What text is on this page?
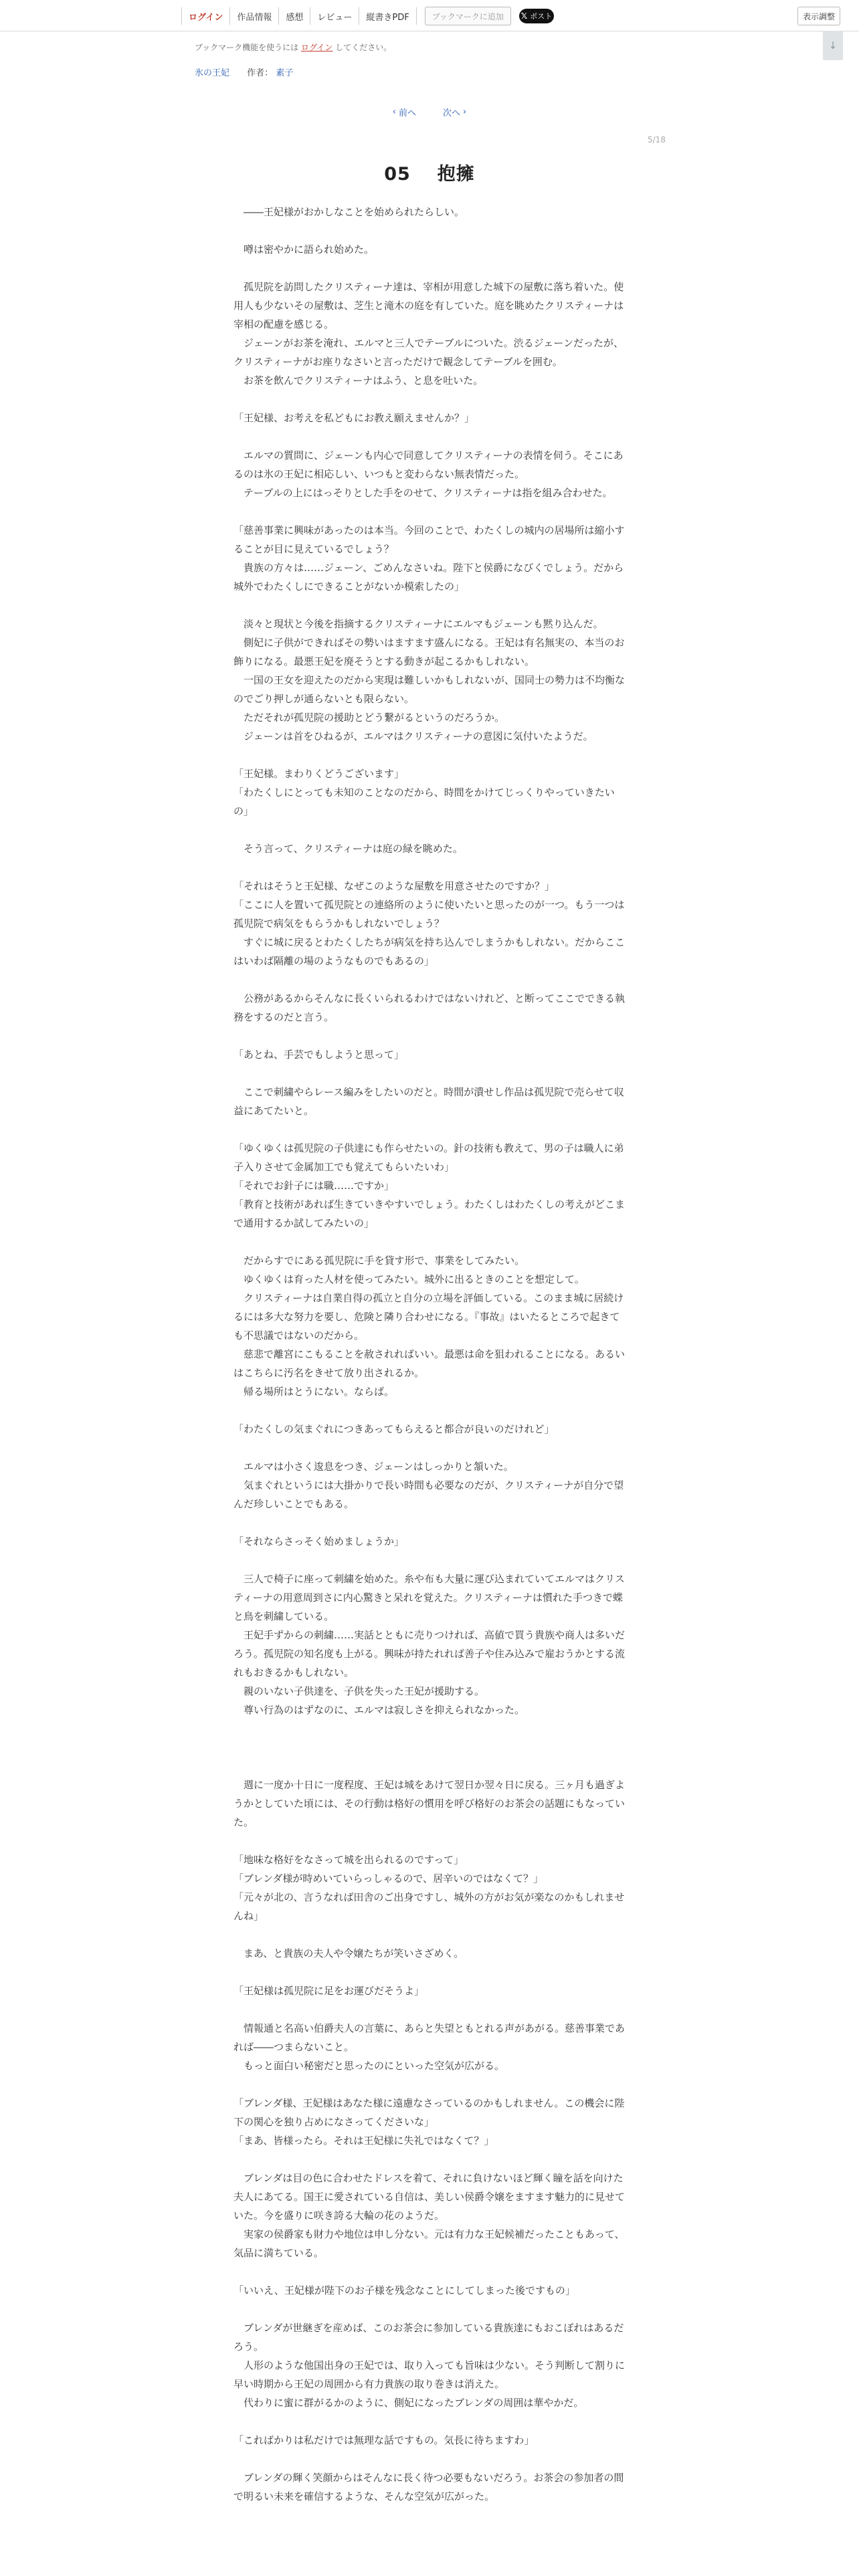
ログイン	作品情報	感想	レビュー	縦書きPDF	ブックマークに追加	𝕏 ポスト	表示調整
↓
ブックマーク機能を使うには ログイン してください。
氷の王妃 作者： 素子
‹ 前へ	次へ ›
5/18
05 抱擁

　――王妃様がおかしなことを始められたらしい。

　噂は密やかに語られ始めた。

　孤児院を訪問したクリスティーナ達は、宰相が用意した城下の屋敷に落ち着いた。使用人も少ないその屋敷は、芝生と滝木の庭を有していた。庭を眺めたクリスティーナは宰相の配慮を感じる。

　ジェーンがお茶を淹れ、エルマと三人でテーブルについた。渋るジェーンだったが、クリスティーナがお座りなさいと言っただけで観念してテーブルを囲む。

　お茶を飲んでクリスティーナはふう、と息を吐いた。

「王妃様、お考えを私どもにお教え願えませんか？」

　エルマの質問に、ジェーンも内心で同意してクリスティーナの表情を伺う。そこにあるのは氷の王妃に相応しい、いつもと変わらない無表情だった。

　テーブルの上にはっそりとした手をのせて、クリスティーナは指を組み合わせた。

「慈善事業に興味があったのは本当。今回のことで、わたくしの城内の居場所は縮小することが目に見えているでしょう？

　貴族の方々は……ジェーン、ごめんなさいね。陛下と侯爵になびくでしょう。だから城外でわたくしにできることがないか模索したの」

　淡々と現状と今後を指摘するクリスティーナにエルマもジェーンも黙り込んだ。

　側妃に子供ができればその勢いはますます盛んになる。王妃は有名無実の、本当のお飾りになる。最悪王妃を廃そうとする動きが起こるかもしれない。

　一国の王女を迎えたのだから実現は難しいかもしれないが、国同士の勢力は不均衡なのでごり押しが通らないとも限らない。

　ただそれが孤児院の援助とどう繋がるというのだろうか。

　ジェーンは首をひねるが、エルマはクリスティーナの意図に気付いたようだ。

「王妃様。まわりくどうございます」

「わたくしにとっても未知のことなのだから、時間をかけてじっくりやっていきたいの」

　そう言って、クリスティーナは庭の緑を眺めた。

「それはそうと王妃様、なぜこのような屋敷を用意させたのですか？」

「ここに人を置いて孤児院との連絡所のように使いたいと思ったのが一つ。もう一つは孤児院で病気をもらうかもしれないでしょう？

　すぐに城に戻るとわたくしたちが病気を持ち込んでしまうかもしれない。だからここはいわば隔離の場のようなものでもあるの」

　公務があるからそんなに長くいられるわけではないけれど、と断ってここでできる執務をするのだと言う。

「あとね、手芸でもしようと思って」

　ここで刺繍やらレース編みをしたいのだと。時間が潰せし作品は孤児院で売らせて収益にあてたいと。

「ゆくゆくは孤児院の子供達にも作らせたいの。針の技術も教えて、男の子は職人に弟子入りさせて金属加工でも覚えてもらいたいわ」

「それでお針子には職……ですか」

「教育と技術があれば生きていきやすいでしょう。わたくしはわたくしの考えがどこまで通用するか試してみたいの」

　だからすでにある孤児院に手を貸す形で、事業をしてみたい。

　ゆくゆくは育った人材を使ってみたい。城外に出るときのことを想定して。

　クリスティーナは自業自得の孤立と自分の立場を評価している。このまま城に居続けるには多大な努力を要し、危険と隣り合わせになる。『事故』はいたるところで起きても不思議ではないのだから。

　慈悲で離宮にこもることを赦されればいい。最悪は命を狙われることになる。あるいはこちらに汚名をきせて放り出されるか。

　帰る場所はとうにない。ならば。

「わたくしの気まぐれにつきあってもらえると都合が良いのだけれど」

　エルマは小さく逡息をつき、ジェーンはしっかりと頷いた。

　気まぐれというには大掛かりで長い時間も必要なのだが、クリスティーナが自分で望んだ珍しいことでもある。

「それならさっそく始めましょうか」

　三人で椅子に座って刺繍を始めた。糸や布も大量に運び込まれていてエルマはクリスティーナの用意周到さに内心驚きと呆れを覚えた。クリスティーナは慣れた手つきで蝶と鳥を刺繍している。

　王妃手ずからの刺繍……実話とともに売りつければ、高値で買う貴族や商人は多いだろう。孤児院の知名度も上がる。興味が持たれれば善子や住み込みで雇おうかとする流れもおきるかもしれない。

　親のいない子供達を、子供を失った王妃が援助する。

　尊い行為のはずなのに、エルマは寂しさを抑えられなかった。

　週に一度か十日に一度程度、王妃は城をあけて翌日か翌々日に戻る。三ヶ月も過ぎようかとしていた頃には、その行動は格好の慣用を呼び格好のお茶会の話題にもなっていた。

「地味な格好をなさって城を出られるのですって」

「ブレンダ様が時めいていらっしゃるので、居辛いのではなくて？」

「元々が北の、言うなれば田舎のご出身ですし、城外の方がお気が楽なのかもしれませんね」

　まあ、と貴族の夫人や令嬢たちが笑いさざめく。

「王妃様は孤児院に足をお運びだそうよ」

　情報通と名高い伯爵夫人の言葉に、あらと失望ともとれる声があがる。慈善事業であれば――つまらないこと。

　もっと面白い秘密だと思ったのにといった空気が広がる。

「ブレンダ様、王妃様はあなた様に遠慮なさっているのかもしれません。この機会に陛下の関心を独り占めになさってくださいな」

「まあ、皆様ったら。それは王妃様に失礼ではなくて？」

　ブレンダは目の色に合わせたドレスを着て、それに負けないほど輝く瞳を話を向けた夫人にあてる。国王に愛されている自信は、美しい侯爵令嬢をますます魅力的に見せていた。今を盛りに咲き誇る大輪の花のようだ。

　実家の侯爵家も財力や地位は申し分ない。元は有力な王妃候補だったこともあって、気品に満ちている。

「いいえ、王妃様が陛下のお子様を残念なことにしてしまった後ですもの」

　ブレンダが世継ぎを産めば、このお茶会に参加している貴族達にもおこぼれはあるだろう。

　人形のような他国出身の王妃では、取り入っても旨味は少ない。そう判断して割りに早い時期から王妃の周囲から有力貴族の取り巻きは消えた。

　代わりに蜜に群がるかのように、側妃になったブレンダの周囲は華やかだ。

「こればかりは私だけでは無理な話ですもの。気長に待ちますわ」

　ブレンダの輝く笑顔からはそんなに長く待つ必要もないだろう。お茶会の参加者の間で明るい未来を確信するような、そんな空気が広がった。
